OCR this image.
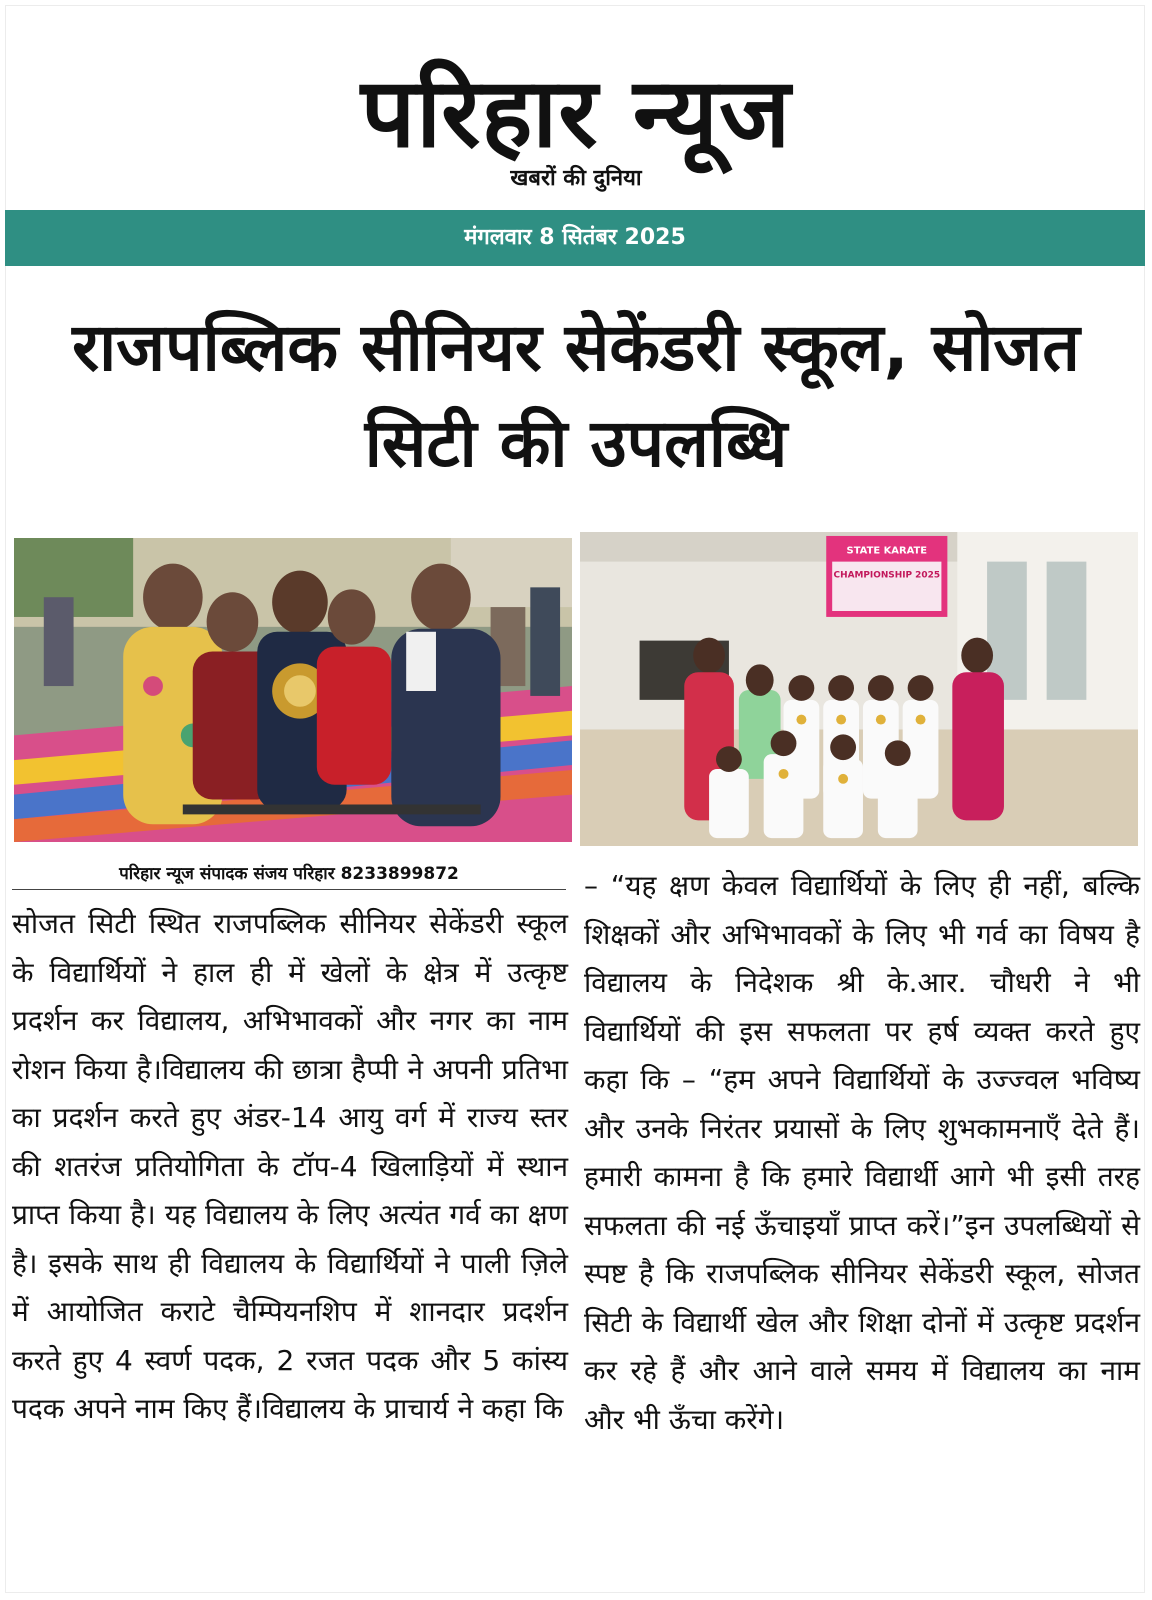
परिहार न्यूज
खबरों की दुनिया
मंगलवार 8 सितंबर 2025
राजपब्लिक सीनियर सेकेंडरी स्कूल, सोजत सिटी की उपलब्धि
STATE KARATE
CHAMPIONSHIP 2025
परिहार न्यूज संपादक संजय परिहार 8233899872

सोजत सिटी स्थित राजपब्लिक सीनियर सेकेंडरी स्कूल के विद्यार्थियों ने हाल ही में खेलों के क्षेत्र में उत्कृष्ट प्रदर्शन कर विद्यालय, अभिभावकों और नगर का नाम रोशन किया है।विद्यालय की छात्रा हैप्पी ने अपनी प्रतिभा का प्रदर्शन करते हुए अंडर-14 आयु वर्ग में राज्य स्तर की शतरंज प्रतियोगिता के टॉप-4 खिलाड़ियों में स्थान प्राप्त किया है। यह विद्यालय के लिए अत्यंत गर्व का क्षण है। इसके साथ ही विद्यालय के विद्यार्थियों ने पाली ज़िले में आयोजित कराटे चैम्पियनशिप में शानदार प्रदर्शन करते हुए 4 स्वर्ण पदक, 2 रजत पदक और 5 कांस्य पदक अपने नाम किए हैं।विद्यालय के प्राचार्य ने कहा कि

– “यह क्षण केवल विद्यार्थियों के लिए ही नहीं, बल्कि शिक्षकों और अभिभावकों के लिए भी गर्व का विषय है विद्यालय के निदेशक श्री के.आर. चौधरी ने भी विद्यार्थियों की इस सफलता पर हर्ष व्यक्त करते हुए कहा कि – “हम अपने विद्यार्थियों के उज्ज्वल भविष्य और उनके निरंतर प्रयासों के लिए शुभकामनाएँ देते हैं। हमारी कामना है कि हमारे विद्यार्थी आगे भी इसी तरह सफलता की नई ऊँचाइयाँ प्राप्त करें।”इन उपलब्धियों से स्पष्ट है कि राजपब्लिक सीनियर सेकेंडरी स्कूल, सोजत सिटी के विद्यार्थी खेल और शिक्षा दोनों में उत्कृष्ट प्रदर्शन कर रहे हैं और आने वाले समय में विद्यालय का नाम और भी ऊँचा करेंगे।
